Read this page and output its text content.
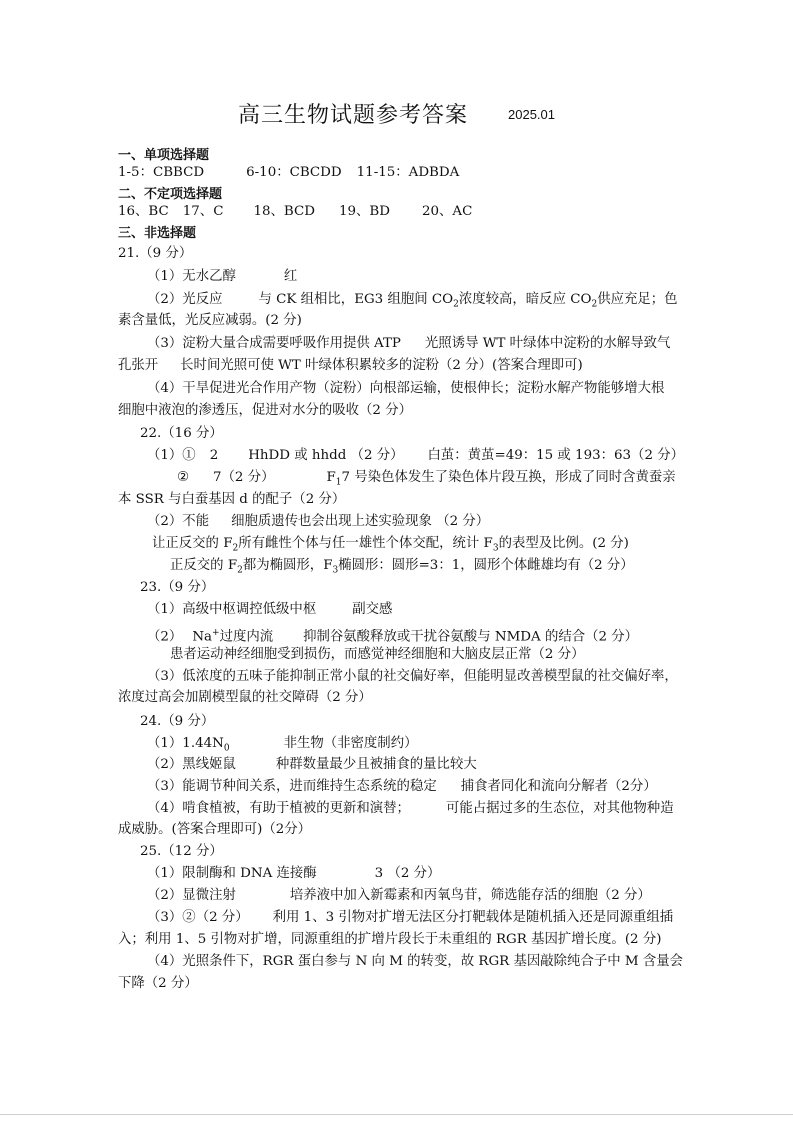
高三生物试题参考答案	2025.01
一、单项选择题
1-5：CBBCD	6-10：CBCDD 11-15：ADBDA
二、不定项选择题
16、BC 17、C 18、BCD 19、BD 20、AC
三、非选择题
21.（9 分）
（1）无水乙醇	红
（2）光反应	与 CK 组相比，EG3 组胞间 $CO_2$浓度较高，暗反应 $CO_2$供应充足；色
素含量低，光反应减弱。(2 分)
（3）淀粉大量合成需要呼吸作用提供 ATP 光照诱导 WT 叶绿体中淀粉的水解导致气
孔张开 长时间光照可使 WT 叶绿体积累较多的淀粉（2 分）(答案合理即可)
（4）干旱促进光合作用产物（淀粉）向根部运输，使根伸长；淀粉水解产物能够增大根
细胞中液泡的渗透压，促进对水分的吸收（2 分）
22.（16 分）
（1）① 2 HhDD 或 hhdd （2 分） 白茧：黄茧=49：15 或 193：63（2 分）
② 7（2 分）	$F_17$ 号染色体发生了染色体片段互换，形成了同时含黄蚕亲
本 SSR 与白蚕基因 d 的配子（2 分）
（2）不能 细胞质遗传也会出现上述实验现象 （2 分）
让正反交的 $F_2$所有雌性个体与任一雄性个体交配，统计 $F_3$的表型及比例。(2 分)
正反交的 $F_2$都为椭圆形，$F_3$椭圆形：圆形=3：1，圆形个体雌雄均有（2 分）
23.（9 分）
（1）高级中枢调控低级中枢	副交感
（2） Na+过度内流 抑制谷氨酸释放或干扰谷氨酸与 NMDA 的结合（2 分）
患者运动神经细胞受到损伤，而感觉神经细胞和大脑皮层正常（2 分）
（3）低浓度的五味子能抑制正常小鼠的社交偏好率，但能明显改善模型鼠的社交偏好率，
浓度过高会加剧模型鼠的社交障碍（2 分）
24.（9 分）
$(1)1.44N_0$	非生物（非密度制约）
（2）黑线姬鼠	种群数量最少且被捕食的量比较大
（3）能调节种间关系，进而维持生态系统的稳定 捕食者同化和流向分解者（2分）
（4）啃食植被，有助于植被的更新和演替；	可能占据过多的生态位，对其他物种造
成威胁。(答案合理即可)（2分）
25.（12 分）
（1）限制酶和 DNA 连接酶	3 （2 分）
（2）显微注射	培养液中加入新霉素和丙氧鸟苷，筛选能存活的细胞（2 分）
（3）②（2 分） 利用 1、3 引物对扩增无法区分打靶载体是随机插入还是同源重组插
入；利用 1、5 引物对扩增，同源重组的扩增片段长于未重组的 RGR 基因扩增长度。(2 分)
（4）光照条件下，RGR 蛋白参与 N 向 M 的转变，故 RGR 基因敲除纯合子中 M 含量会
下降（2 分）
